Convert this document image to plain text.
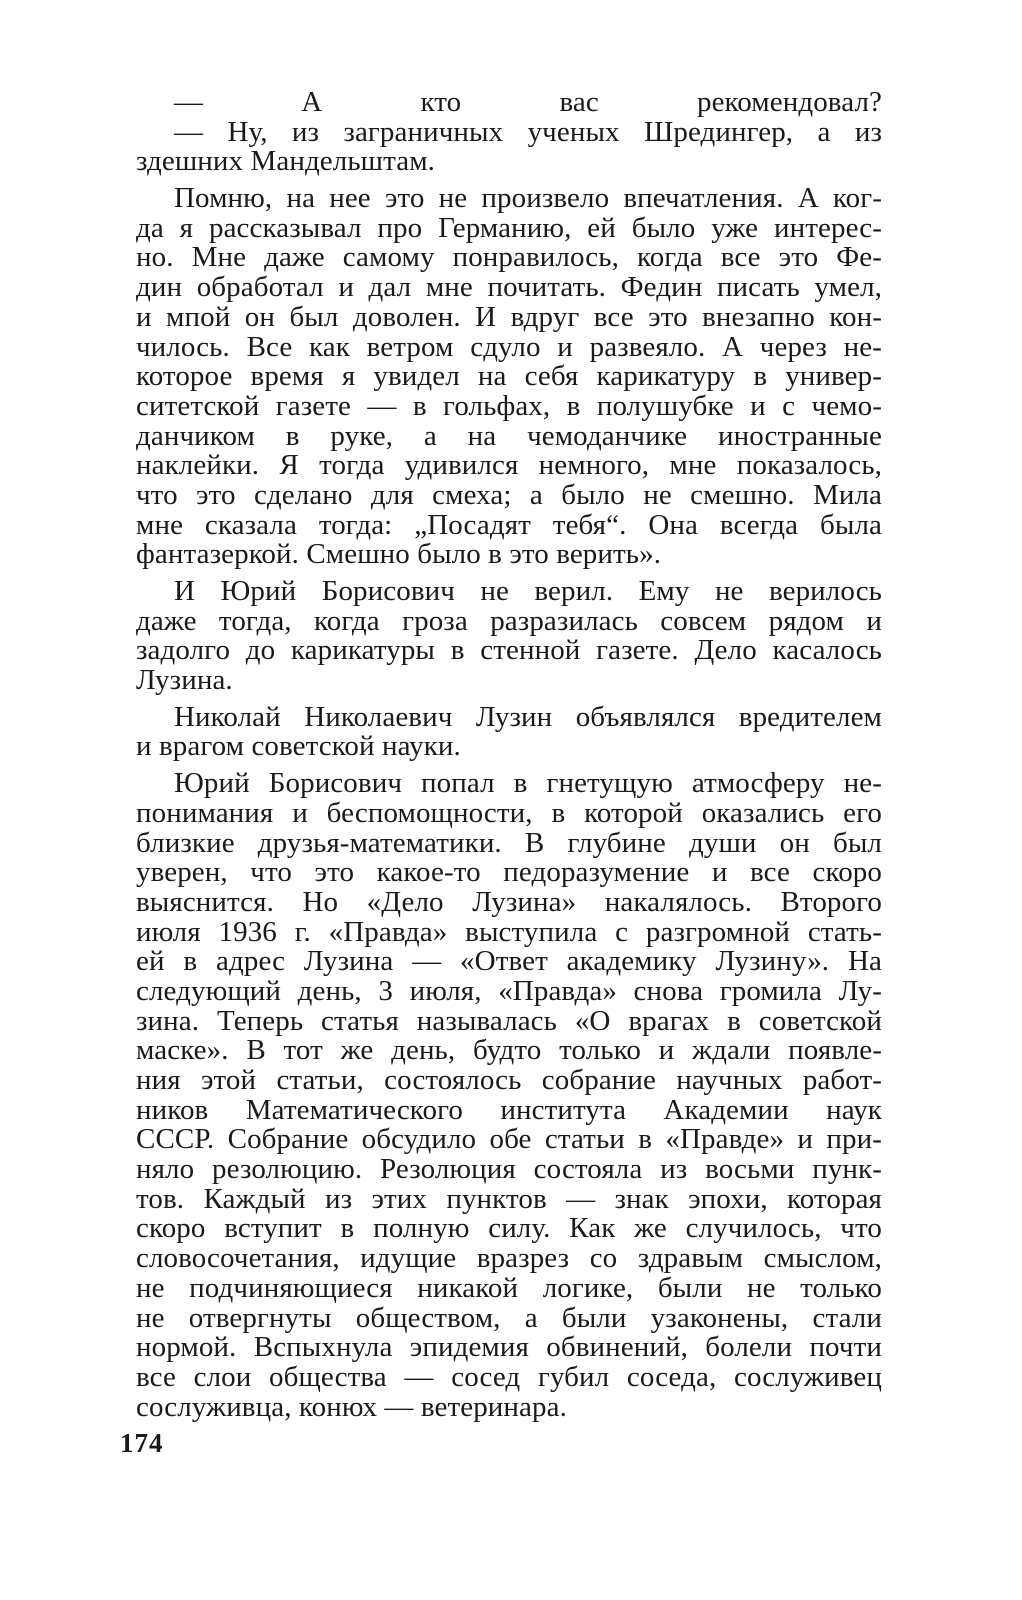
— А кто вас рекомендовал?
— Ну, из заграничных ученых Шредингер, а из
здешних Мандельштам.
Помню, на нее это не произвело впечатления. А ког-
да я рассказывал про Германию, ей было уже интерес-
но. Мне даже самому понравилось, когда все это Фе-
дин обработал и дал мне почитать. Федин писать умел,
и мпой он был доволен. И вдруг все это внезапно кон-
чилось. Все как ветром сдуло и развеяло. А через не-
которое время я увидел на себя карикатуру в универ-
ситетской газете — в гольфах, в полушубке и с чемо-
данчиком в руке, а на чемоданчике иностранные
наклейки. Я тогда удивился немного, мне показалось,
что это сделано для смеха; а было не смешно. Мила
мне сказала тогда: „Посадят тебя“. Она всегда была
фантазеркой. Смешно было в это верить».
И Юрий Борисович не верил. Ему не верилось
даже тогда, когда гроза разразилась совсем рядом и
задолго до карикатуры в стенной газете. Дело касалось
Лузина.
Николай Николаевич Лузин объявлялся вредителем
и врагом советской науки.
Юрий Борисович попал в гнетущую атмосферу не-
понимания и беспомощности, в которой оказались его
близкие друзья-математики. В глубине души он был
уверен, что это какое-то педоразумение и все скоро
выяснится. Но «Дело Лузина» накалялось. Второго
июля 1936 г. «Правда» выступила с разгромной стать-
ей в адрес Лузина — «Ответ академику Лузину». На
следующий день, 3 июля, «Правда» снова громила Лу-
зина. Теперь статья называлась «О врагах в советской
маске». В тот же день, будто только и ждали появле-
ния этой статьи, состоялось собрание научных работ-
ников Математического института Академии наук
СССР. Собрание обсудило обе статьи в «Правде» и при-
няло резолюцию. Резолюция состояла из восьми пунк-
тов. Каждый из этих пунктов — знак эпохи, которая
скоро вступит в полную силу. Как же случилось, что
словосочетания, идущие вразрез со здравым смыслом,
не подчиняющиеся никакой логике, были не только
не отвергнуты обществом, а были узаконены, стали
нормой. Вспыхнула эпидемия обвинений, болели почти
все слои общества — сосед губил соседа, сослуживец
сослуживца, конюх — ветеринара.
174
